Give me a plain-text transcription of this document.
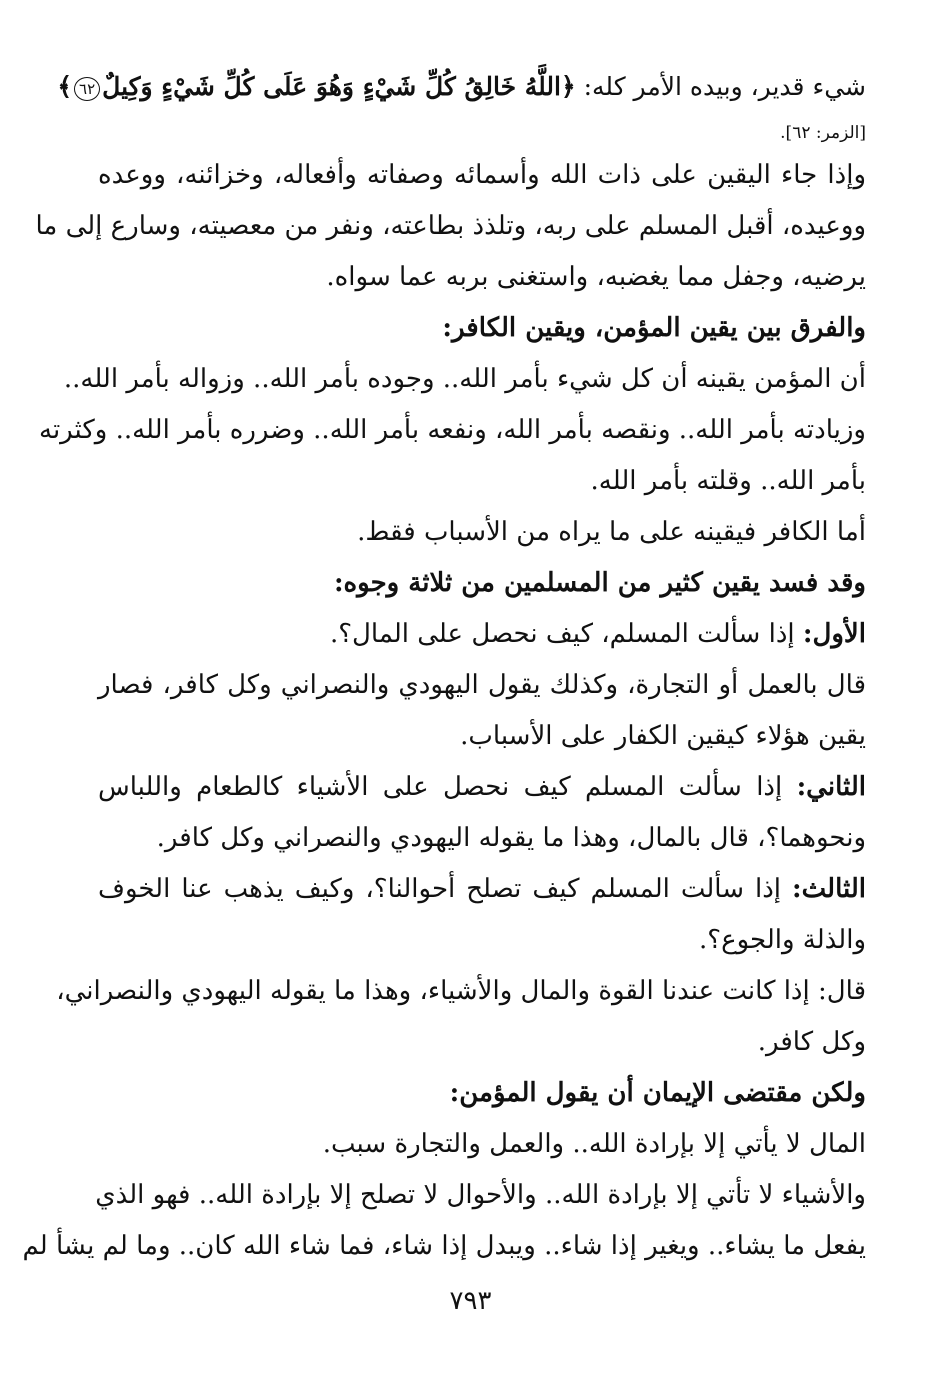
شيء قدير، وبيده الأمر كله: ﴿اللَّهُ خَالِقُ كُلِّ شَيْءٍ وَهُوَ عَلَى كُلِّ شَيْءٍ وَكِيلٌ٦٢﴾
[الزمر: ٦٢].
وإذا جاء اليقين على ذات الله وأسمائه وصفاته وأفعاله، وخزائنه، ووعده
ووعيده، أقبل المسلم على ربه، وتلذذ بطاعته، ونفر من معصيته، وسارع إلى ما
يرضيه، وجفل مما يغضبه، واستغنى بربه عما سواه.
والفرق بين يقين المؤمن، ويقين الكافر:
أن المؤمن يقينه أن كل شيء بأمر الله.. وجوده بأمر الله.. وزواله بأمر الله..
وزيادته بأمر الله.. ونقصه بأمر الله، ونفعه بأمر الله.. وضرره بأمر الله.. وكثرته
بأمر الله.. وقلته بأمر الله.
أما الكافر فيقينه على ما يراه من الأسباب فقط.
وقد فسد يقين كثير من المسلمين من ثلاثة وجوه:
الأول: إذا سألت المسلم، كيف نحصل على المال؟.
قال بالعمل أو التجارة، وكذلك يقول اليهودي والنصراني وكل كافر، فصار
يقين هؤلاء كيقين الكفار على الأسباب.
الثاني: إذا سألت المسلم كيف نحصل على الأشياء كالطعام واللباس
ونحوهما؟، قال بالمال، وهذا ما يقوله اليهودي والنصراني وكل كافر.
الثالث: إذا سألت المسلم كيف تصلح أحوالنا؟، وكيف يذهب عنا الخوف
والذلة والجوع؟.
قال: إذا كانت عندنا القوة والمال والأشياء، وهذا ما يقوله اليهودي والنصراني،
وكل كافر.
ولكن مقتضى الإيمان أن يقول المؤمن:
المال لا يأتي إلا بإرادة الله.. والعمل والتجارة سبب.
والأشياء لا تأتي إلا بإرادة الله.. والأحوال لا تصلح إلا بإرادة الله.. فهو الذي
يفعل ما يشاء.. ويغير إذا شاء.. ويبدل إذا شاء، فما شاء الله كان.. وما لم يشأ لم
٧٩٣
